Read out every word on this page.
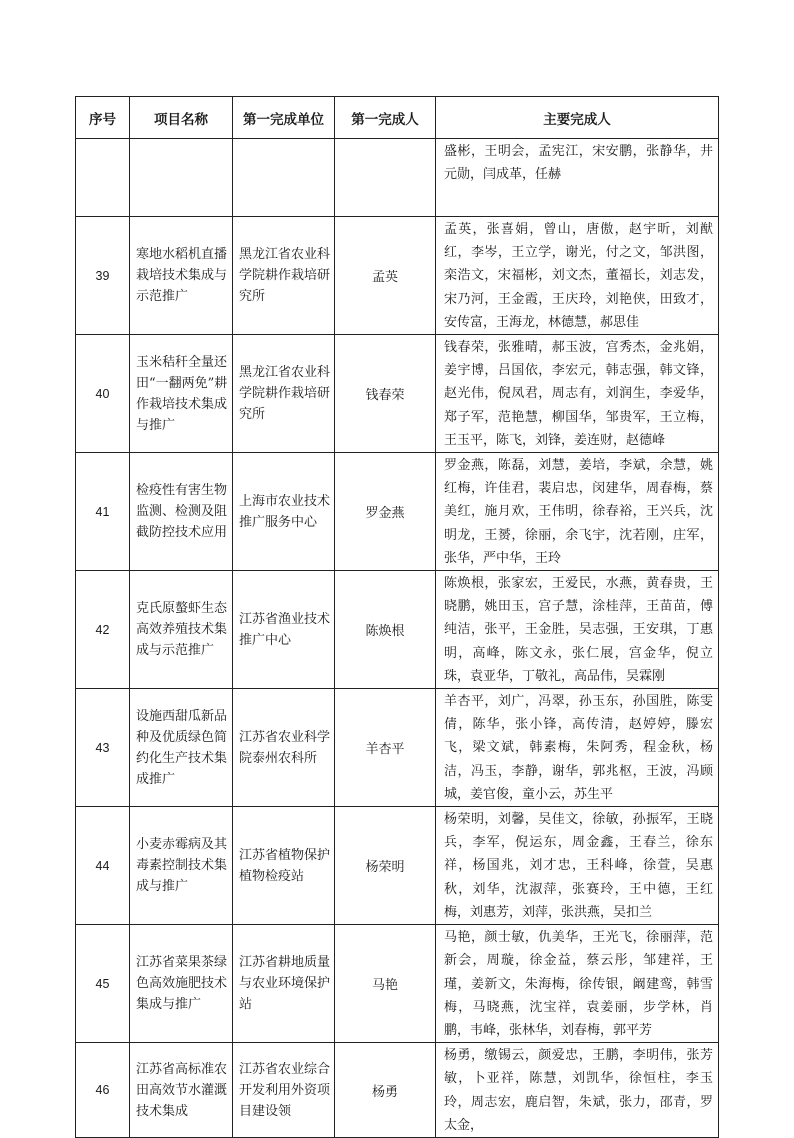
序号	项目名称	第一完成单位	第一完成人	主要完成人

				盛彬，王明会，孟宪江，宋安鹏，张静华，井元勋，闫成革，任赫

39	寒地水稻机直播栽培技术集成与示范推广	黑龙江省农业科学院耕作栽培研究所	孟英	孟英，张喜娟，曾山，唐傲，赵宇昕，刘猷红，李岑，王立学，谢光，付之文，邹洪图，栾浩文，宋福彬，刘文杰，董福长，刘志发，宋乃河，王金霞，王庆玲，刘艳侠，田致才，安传富，王海龙，林德慧，郝思佳

40	玉米秸秆全量还田“一翻两免”耕作栽培技术集成与推广	黑龙江省农业科学院耕作栽培研究所	钱春荣	钱春荣，张雅晴，郝玉波，宫秀杰，金兆娟，姜宇博，吕国依，李宏元，韩志强，韩文锋，赵光伟，倪凤君，周志有，刘润生，李爱华，郑子军，范艳慧，柳国华，邹贵军，王立梅，王玉平，陈飞，刘锋，姜连财，赵德峰

41	检疫性有害生物监测、检测及阻截防控技术应用	上海市农业技术推广服务中心	罗金燕	罗金燕，陈磊，刘慧，姜培，李斌，余慧，姚红梅，许佳君，裴启忠，闵建华，周春梅，蔡美红，施月欢，王伟明，徐春裕，王兴兵，沈明龙，王赟，徐丽，余飞宇，沈若刚，庄军，张华，严中华，王玲

42	克氏原螯虾生态高效养殖技术集成与示范推广	江苏省渔业技术推广中心	陈焕根	陈焕根，张家宏，王爱民，水燕，黄春贵，王晓鹏，姚田玉，宫子慧，涂桂萍，王苗苗，傅纯洁，张平，王金胜，吴志强，王安琪，丁惠明，高峰，陈文永，张仁展，宫金华，倪立珠，袁亚华，丁敬礼，高品伟，吴霖刚

43	设施西甜瓜新品种及优质绿色简约化生产技术集成推广	江苏省农业科学院泰州农科所	羊杏平	羊杏平，刘广，冯翠，孙玉东，孙国胜，陈雯倩，陈华，张小锋，高传清，赵婷婷，滕宏飞，梁文斌，韩素梅，朱阿秀，程金秋，杨洁，冯玉，李静，谢华，郭兆枢，王波，冯顾城，姜官俊，童小云，苏生平

44	小麦赤霉病及其毒素控制技术集成与推广	江苏省植物保护植物检疫站	杨荣明	杨荣明，刘馨，吴佳文，徐敏，孙振军，王晓兵，李军，倪运东，周金鑫，王春兰，徐东祥，杨国兆，刘才忠，王科峰，徐萱，吴惠秋，刘华，沈淑萍，张赛玲，王中德，王红梅，刘惠芳，刘萍，张洪燕，吴扣兰

45	江苏省菜果茶绿色高效施肥技术集成与推广	江苏省耕地质量与农业环境保护站	马艳	马艳，颜士敏，仇美华，王光飞，徐丽萍，范新会，周璇，徐金益，蔡云彤，邹建祥，王瑾，姜新文，朱海梅，徐传银，阚建鸾，韩雪梅，马晓燕，沈宝祥，袁姜丽，步学林，肖鹏，韦峰，张林华，刘春梅，郭平芳

46	江苏省高标准农田高效节水灌溉技术集成	江苏省农业综合开发利用外资项目建设领	杨勇	杨勇，缴锡云，颜爱忠，王鹏，李明伟，张芳敏，卜亚祥，陈慧，刘凯华，徐恒柱，李玉玲，周志宏，鹿启智，朱斌，张力，邵青，罗太金，
